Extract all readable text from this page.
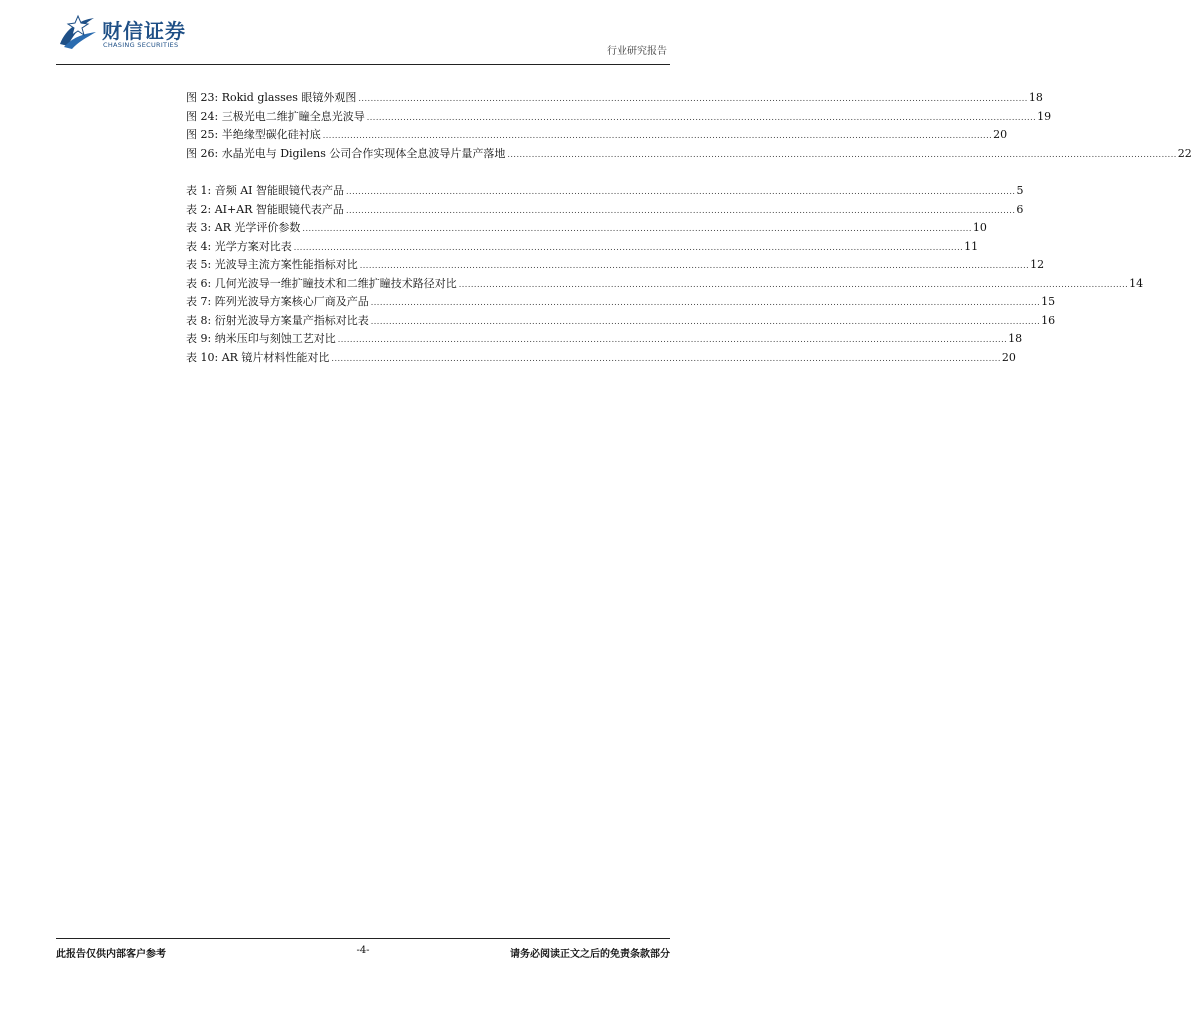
财信证券
CHASING SECURITIES
行业研究报告
图 23: Rokid glasses 眼镜外观图 ............................................................................................................................................................................................................................ 18
图 24: 三极光电二维扩瞳全息光波导 ............................................................................................................................................................................................................................ 19
图 25: 半绝缘型碳化硅衬底 ............................................................................................................................................................................................................................ 20
图 26: 水晶光电与 Digilens 公司合作实现体全息波导片量产落地 ............................................................................................................................................................................................................................ 22
表 1: 音频 AI 智能眼镜代表产品 ............................................................................................................................................................................................................................ 5
表 2: AI+AR 智能眼镜代表产品 ............................................................................................................................................................................................................................ 6
表 3: AR 光学评价参数 ............................................................................................................................................................................................................................ 10
表 4: 光学方案对比表 ............................................................................................................................................................................................................................ 11
表 5: 光波导主流方案性能指标对比 ............................................................................................................................................................................................................................ 12
表 6: 几何光波导一维扩瞳技术和二维扩瞳技术路径对比 ............................................................................................................................................................................................................................ 14
表 7: 阵列光波导方案核心厂商及产品 ............................................................................................................................................................................................................................ 15
表 8: 衍射光波导方案量产指标对比表 ............................................................................................................................................................................................................................ 16
表 9: 纳米压印与刻蚀工艺对比 ............................................................................................................................................................................................................................ 18
表 10: AR 镜片材料性能对比 ............................................................................................................................................................................................................................ 20
此报告仅供内部客户参考	-4-	请务必阅读正文之后的免责条款部分
